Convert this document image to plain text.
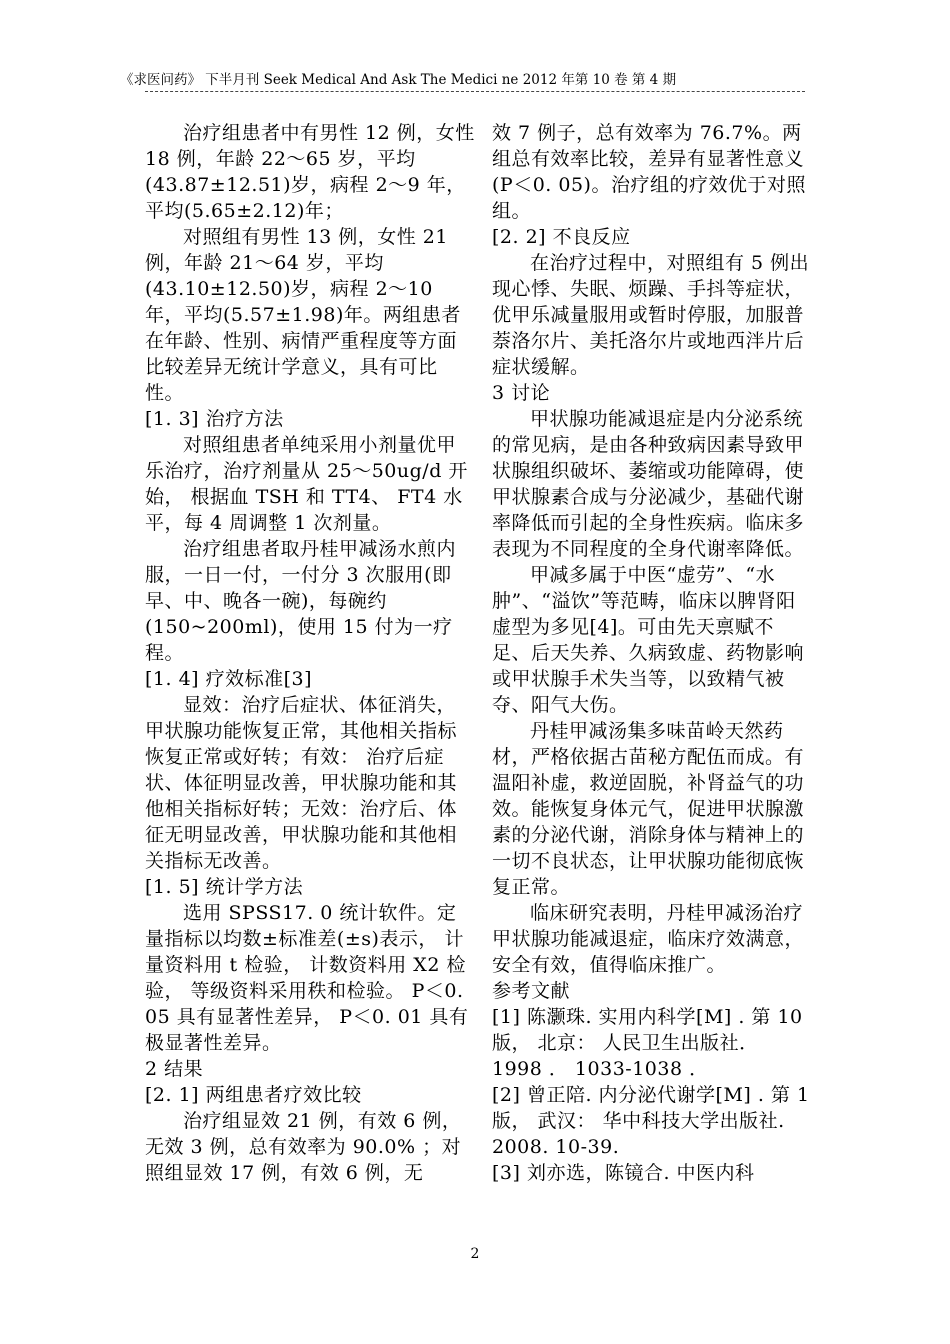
《求医问药》 下半月刊 Seek Medical And Ask The Medici ne 2012 年第 10 卷 第 4 期

治疗组患者中有男性 12 例，女性 18 例，年龄 22～65 岁，平均(43.87±12.51)岁，病程 2～9 年，平均(5.65±2.12)年；

对照组有男性 13 例，女性 21 例，年龄 21～64 岁，平均(43.10±12.50)岁，病程 2～10 年，平均(5.57±1.98)年。两组患者在年龄、性别、病情严重程度等方面比较差异无统计学意义，具有可比性。

[1. 3] 治疗方法

对照组患者单纯采用小剂量优甲乐治疗，治疗剂量从 25～50ug/d 开始， 根据血 TSH 和 TT4、 FT4 水平，每 4 周调整 1 次剂量。

治疗组患者取丹桂甲减汤水煎内服，一日一付，一付分 3 次服用(即早、中、晚各一碗)，每碗约(150~200ml)，使用 15 付为一疗程。

[1. 4] 疗效标准[3]

显效：治疗后症状、体征消失，甲状腺功能恢复正常，其他相关指标恢复正常或好转；有效： 治疗后症状、体征明显改善，甲状腺功能和其他相关指标好转；无效：治疗后、体征无明显改善，甲状腺功能和其他相关指标无改善。

[1. 5] 统计学方法

选用 SPSS17. 0 统计软件。定量指标以均数±标准差(±s)表示， 计量资料用 t 检验， 计数资料用 X2 检验， 等级资料采用秩和检验。 P＜0. 05 具有显著性差异， P＜0. 01 具有极显著性差异。

2 结果

[2. 1] 两组患者疗效比较

治疗组显效 21 例，有效 6 例，无效 3 例，总有效率为 90.0% ；对照组显效 17 例，有效 6 例，无

效 7 例子，总有效率为 76.7%。两组总有效率比较，差异有显著性意义(P＜0. 05)。治疗组的疗效优于对照组。

[2. 2] 不良反应

在治疗过程中，对照组有 5 例出现心悸、失眠、烦躁、手抖等症状，优甲乐减量服用或暂时停服，加服普萘洛尔片、美托洛尔片或地西泮片后症状缓解。

3 讨论

甲状腺功能减退症是内分泌系统的常见病，是由各种致病因素导致甲状腺组织破坏、萎缩或功能障碍，使甲状腺素合成与分泌减少，基础代谢率降低而引起的全身性疾病。临床多表现为不同程度的全身代谢率降低。

甲减多属于中医“虚劳”、“水肿”、“溢饮”等范畴，临床以脾肾阳虚型为多见[4]。可由先天禀赋不足、后天失养、久病致虚、药物影响或甲状腺手术失当等，以致精气被夺、阳气大伤。

丹桂甲减汤集多味苗岭天然药材，严格依据古苗秘方配伍而成。有温阳补虚，救逆固脱，补肾益气的功效。能恢复身体元气，促进甲状腺激素的分泌代谢，消除身体与精神上的一切不良状态，让甲状腺功能彻底恢复正常。

临床研究表明，丹桂甲减汤治疗甲状腺功能减退症，临床疗效满意，安全有效，值得临床推广。

参考文献

[1] 陈灏珠. 实用内科学[M] . 第 10 版， 北京： 人民卫生出版社． 1998 ． 1033-1038 ．

[2] 曾正陪. 内分泌代谢学[M] . 第 1 版， 武汉： 华中科技大学出版社. 2008. 10-39.

[3] 刘亦选，陈镜合. 中医内科

2
